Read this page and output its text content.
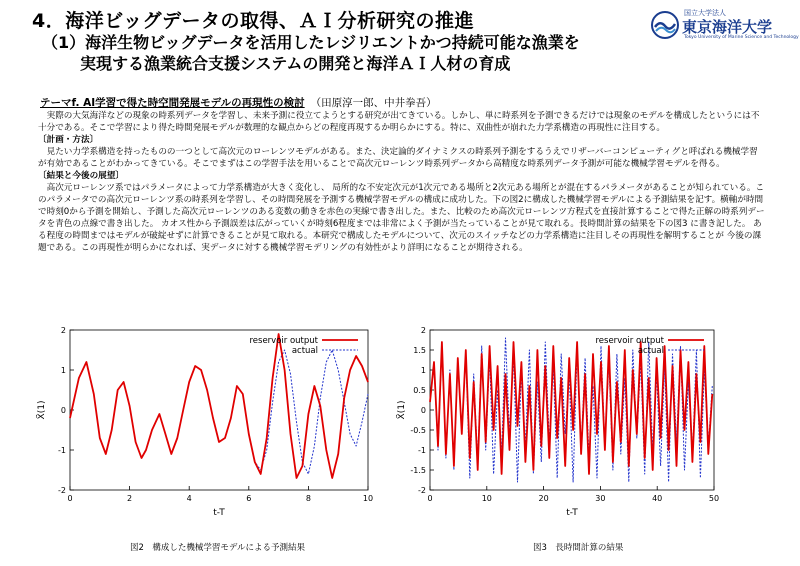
4．海洋ビッグデータの取得、ＡＩ分析研究の推進
（1）海洋生物ビッグデータを活用したレジリエントかつ持続可能な漁業を
実現する漁業統合支援システムの開発と海洋ＡＩ人材の育成
国立大学法人
東京海洋大学
Tokyo University of Marine Science and Technology
テーマf. AI学習で得た時空間発展モデルの再現性の検討 （田原淳一郎、中井拳吾）

実際の大気海洋などの現象の時系列データを学習し、未来予測に役立てようとする研究が出てきている。しかし、単に時系列を予測できるだけでは現象のモデルを構成したというには不十分である。そこで学習により得た時間発展モデルが数理的な観点からどの程度再現するか明らかにする。特に、双曲性が崩れた力学系構造の再現性に注目する。

〔計画・方法〕

見たい力学系構造を持ったものの一つとして高次元のローレンツモデルがある。また、決定論的ダイナミクスの時系列予測をするうえでリザーバーコンピューティグと呼ばれる機械学習が有効であることがわかってきている。そこでまずはこの学習手法を用いることで高次元ローレンツ時系列データから高精度な時系列データ予測が可能な機械学習モデルを得る。

〔結果と今後の展望〕

高次元ローレンツ系ではパラメータによって力学系構造が大きく変化し、 局所的な不安定次元が1次元である場所と2次元ある場所とが混在するパラメータがあることが知られている。このパラメータでの高次元ローレンツ系の時系列を学習し、その時間発展を予測する機械学習モデルの構成に成功した。下の図2に構成した機械学習モデルによる予測結果を記す。横軸が時間で時刻0から予測を開始し、予測した高次元ローレンツのある変数の動きを赤色の実線で書き出した。また、比較のため高次元ローレンツ方程式を直接計算することで得た正解の時系列データを青色の点線で書き出した。 カオス性から予測誤差は広がっていくが時刻6程度までは非常によく予測が当たっていることが見て取れる。長時間計算の結果を下の図3 に書き記した。 ある程度の時間まではモデルが破綻せずに計算できることが見て取れる。本研究で構成したモデルについて、次元のスイッチなどの力学系構造に注目しその再現性を解明することが 今後の課題である。この再現性が明らかになれば、実データに対する機械学習モデリングの有効性がより詳明になることが期待される。

0	2	4	6	8	10
2
1
0
-1
-2
t-T
X̃(1)
reservoir output
actual
図2　構成した機械学習モデルによる予測結果
0	10	20	30	40	50
2
1.5
1
0.5
0
-0.5
-1
-1.5
-2
t-T
X̃(1)
reservoir output
actual
図3　長時間計算の結果
